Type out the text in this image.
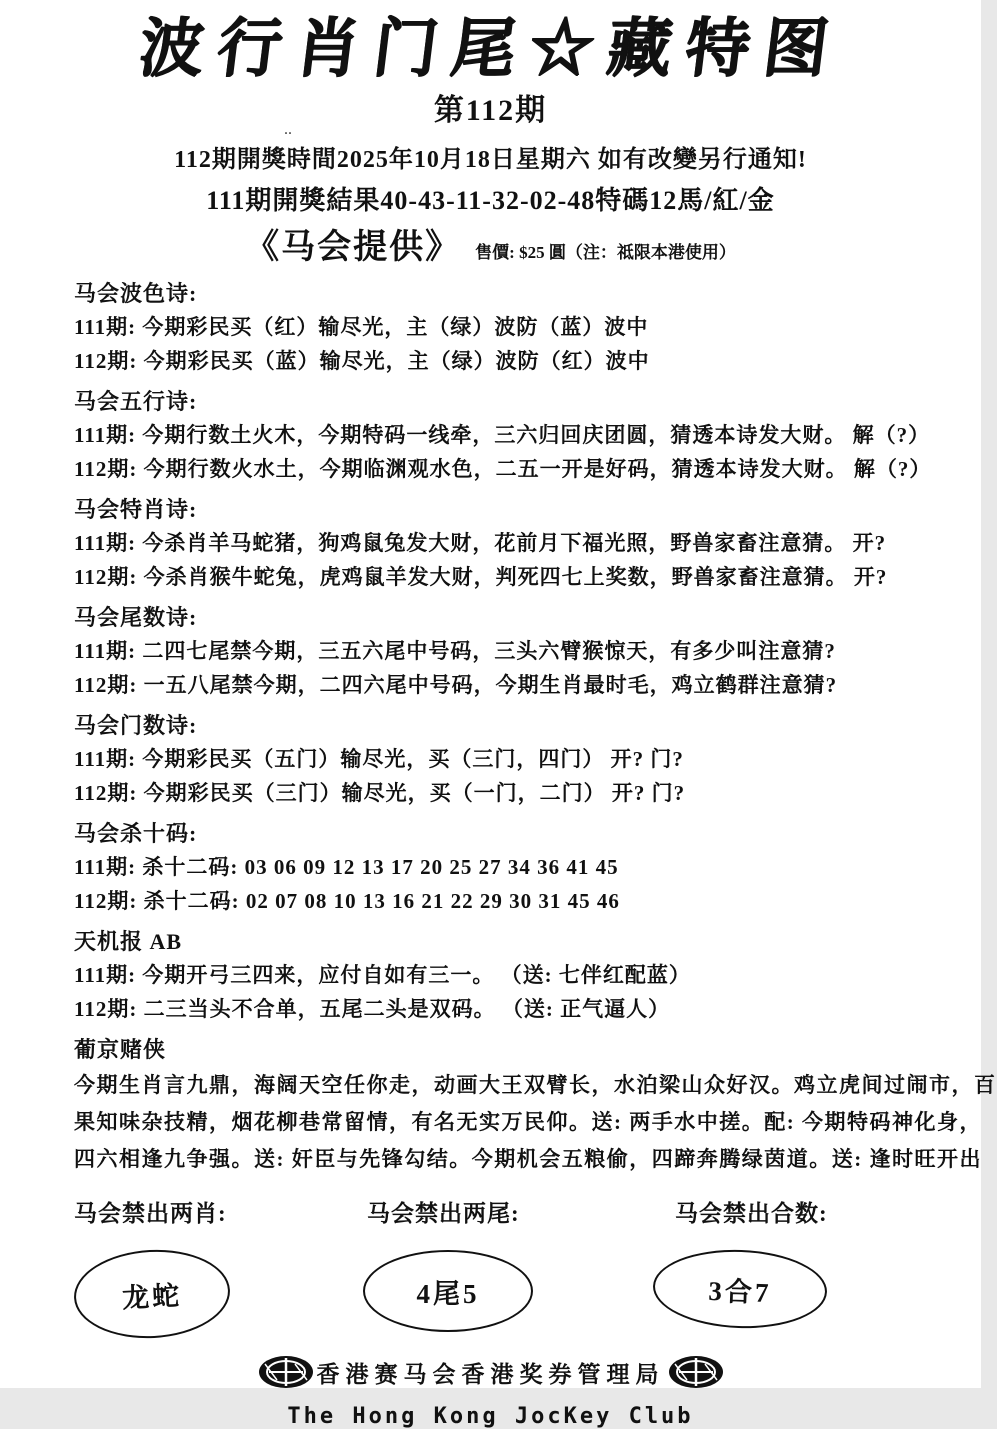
波行肖门尾☆藏特图
··
第112期
112期開獎時間2025年10月18日星期六 如有改變另行通知!
111期開獎結果40-43-11-32-02-48特碼12馬/紅/金
《马会提供》 售價: $25 圓（注：祗限本港使用）
马会波色诗:
111期: 今期彩民买（红）输尽光，主（绿）波防（蓝）波中
112期: 今期彩民买（蓝）输尽光，主（绿）波防（红）波中
马会五行诗:
111期: 今期行数土火木，今期特码一线牵，三六归回庆团圆，猜透本诗发大财。 解（?）
112期: 今期行数火水土，今期临渊观水色，二五一开是好码，猜透本诗发大财。 解（?）
马会特肖诗:
111期: 今杀肖羊马蛇猪，狗鸡鼠兔发大财，花前月下福光照，野兽家畜注意猜。 开?
112期: 今杀肖猴牛蛇兔，虎鸡鼠羊发大财，判死四七上奖数，野兽家畜注意猜。 开?
马会尾数诗:
111期: 二四七尾禁今期，三五六尾中号码，三头六臂猴惊天，有多少叫注意猜?
112期: 一五八尾禁今期，二四六尾中号码，今期生肖最时毛，鸡立鹤群注意猜?
马会门数诗:
111期: 今期彩民买（五门）输尽光，买（三门，四门） 开? 门?
112期: 今期彩民买（三门）输尽光，买（一门，二门） 开? 门?
马会杀十码:
111期: 杀十二码: 03 06 09 12 13 17 20 25 27 34 36 41 45
112期: 杀十二码: 02 07 08 10 13 16 21 22 29 30 31 45 46
天机报 AB
111期: 今期开弓三四来，应付自如有三一。 （送: 七伴红配蓝）
112期: 二三当头不合单，五尾二头是双码。 （送: 正气逼人）
葡京赌侠
今期生肖言九鼎，海阔天空任你走，动画大王双臂长，水泊梁山众好汉。鸡立虎间过闹市，百
果知味杂技精，烟花柳巷常留情，有名无实万民仰。送: 两手水中搓。配: 今期特码神化身，
四六相逢九争强。送: 奸臣与先锋勾结。今期机会五粮偷，四蹄奔腾绿茵道。送: 逢时旺开出
马会禁出两肖:
龙蛇
马会禁出两尾:
4尾5
马会禁出合数:
3合7
香港赛马会香港奖券管理局
The Hong Kong JocKey Club
